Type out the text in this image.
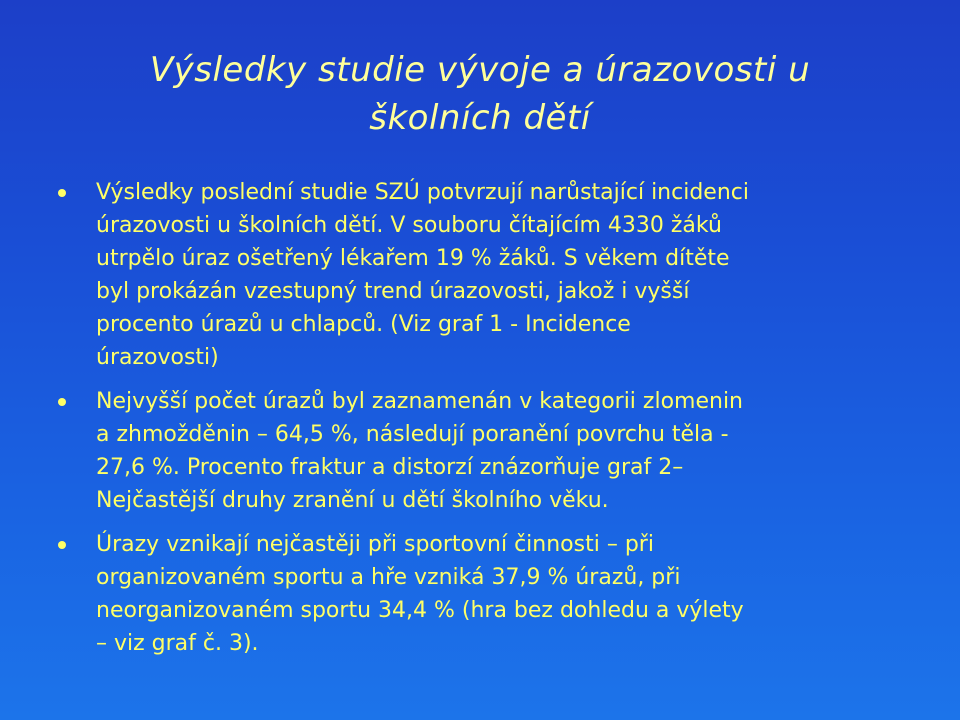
Výsledky studie vývoje a úrazovosti u
školních dětí
Výsledky poslední studie SZÚ potvrzují narůstající incidenci
úrazovosti u školních dětí. V souboru čítajícím 4330 žáků
utrpělo úraz ošetřený lékařem 19 % žáků. S věkem dítěte
byl prokázán vzestupný trend úrazovosti, jakož i vyšší
procento úrazů u chlapců. (Viz graf 1 - Incidence
úrazovosti)
Nejvyšší počet úrazů byl zaznamenán v kategorii zlomenin
a zhmožděnin – 64,5 %, následují poranění povrchu těla -
27,6 %. Procento fraktur a distorzí znázorňuje graf 2–
Nejčastější druhy zranění u dětí školního věku.
Úrazy vznikají nejčastěji při sportovní činnosti – při
organizovaném sportu a hře vzniká 37,9 % úrazů, při
neorganizovaném sportu 34,4 % (hra bez dohledu a výlety
– viz graf č. 3).
